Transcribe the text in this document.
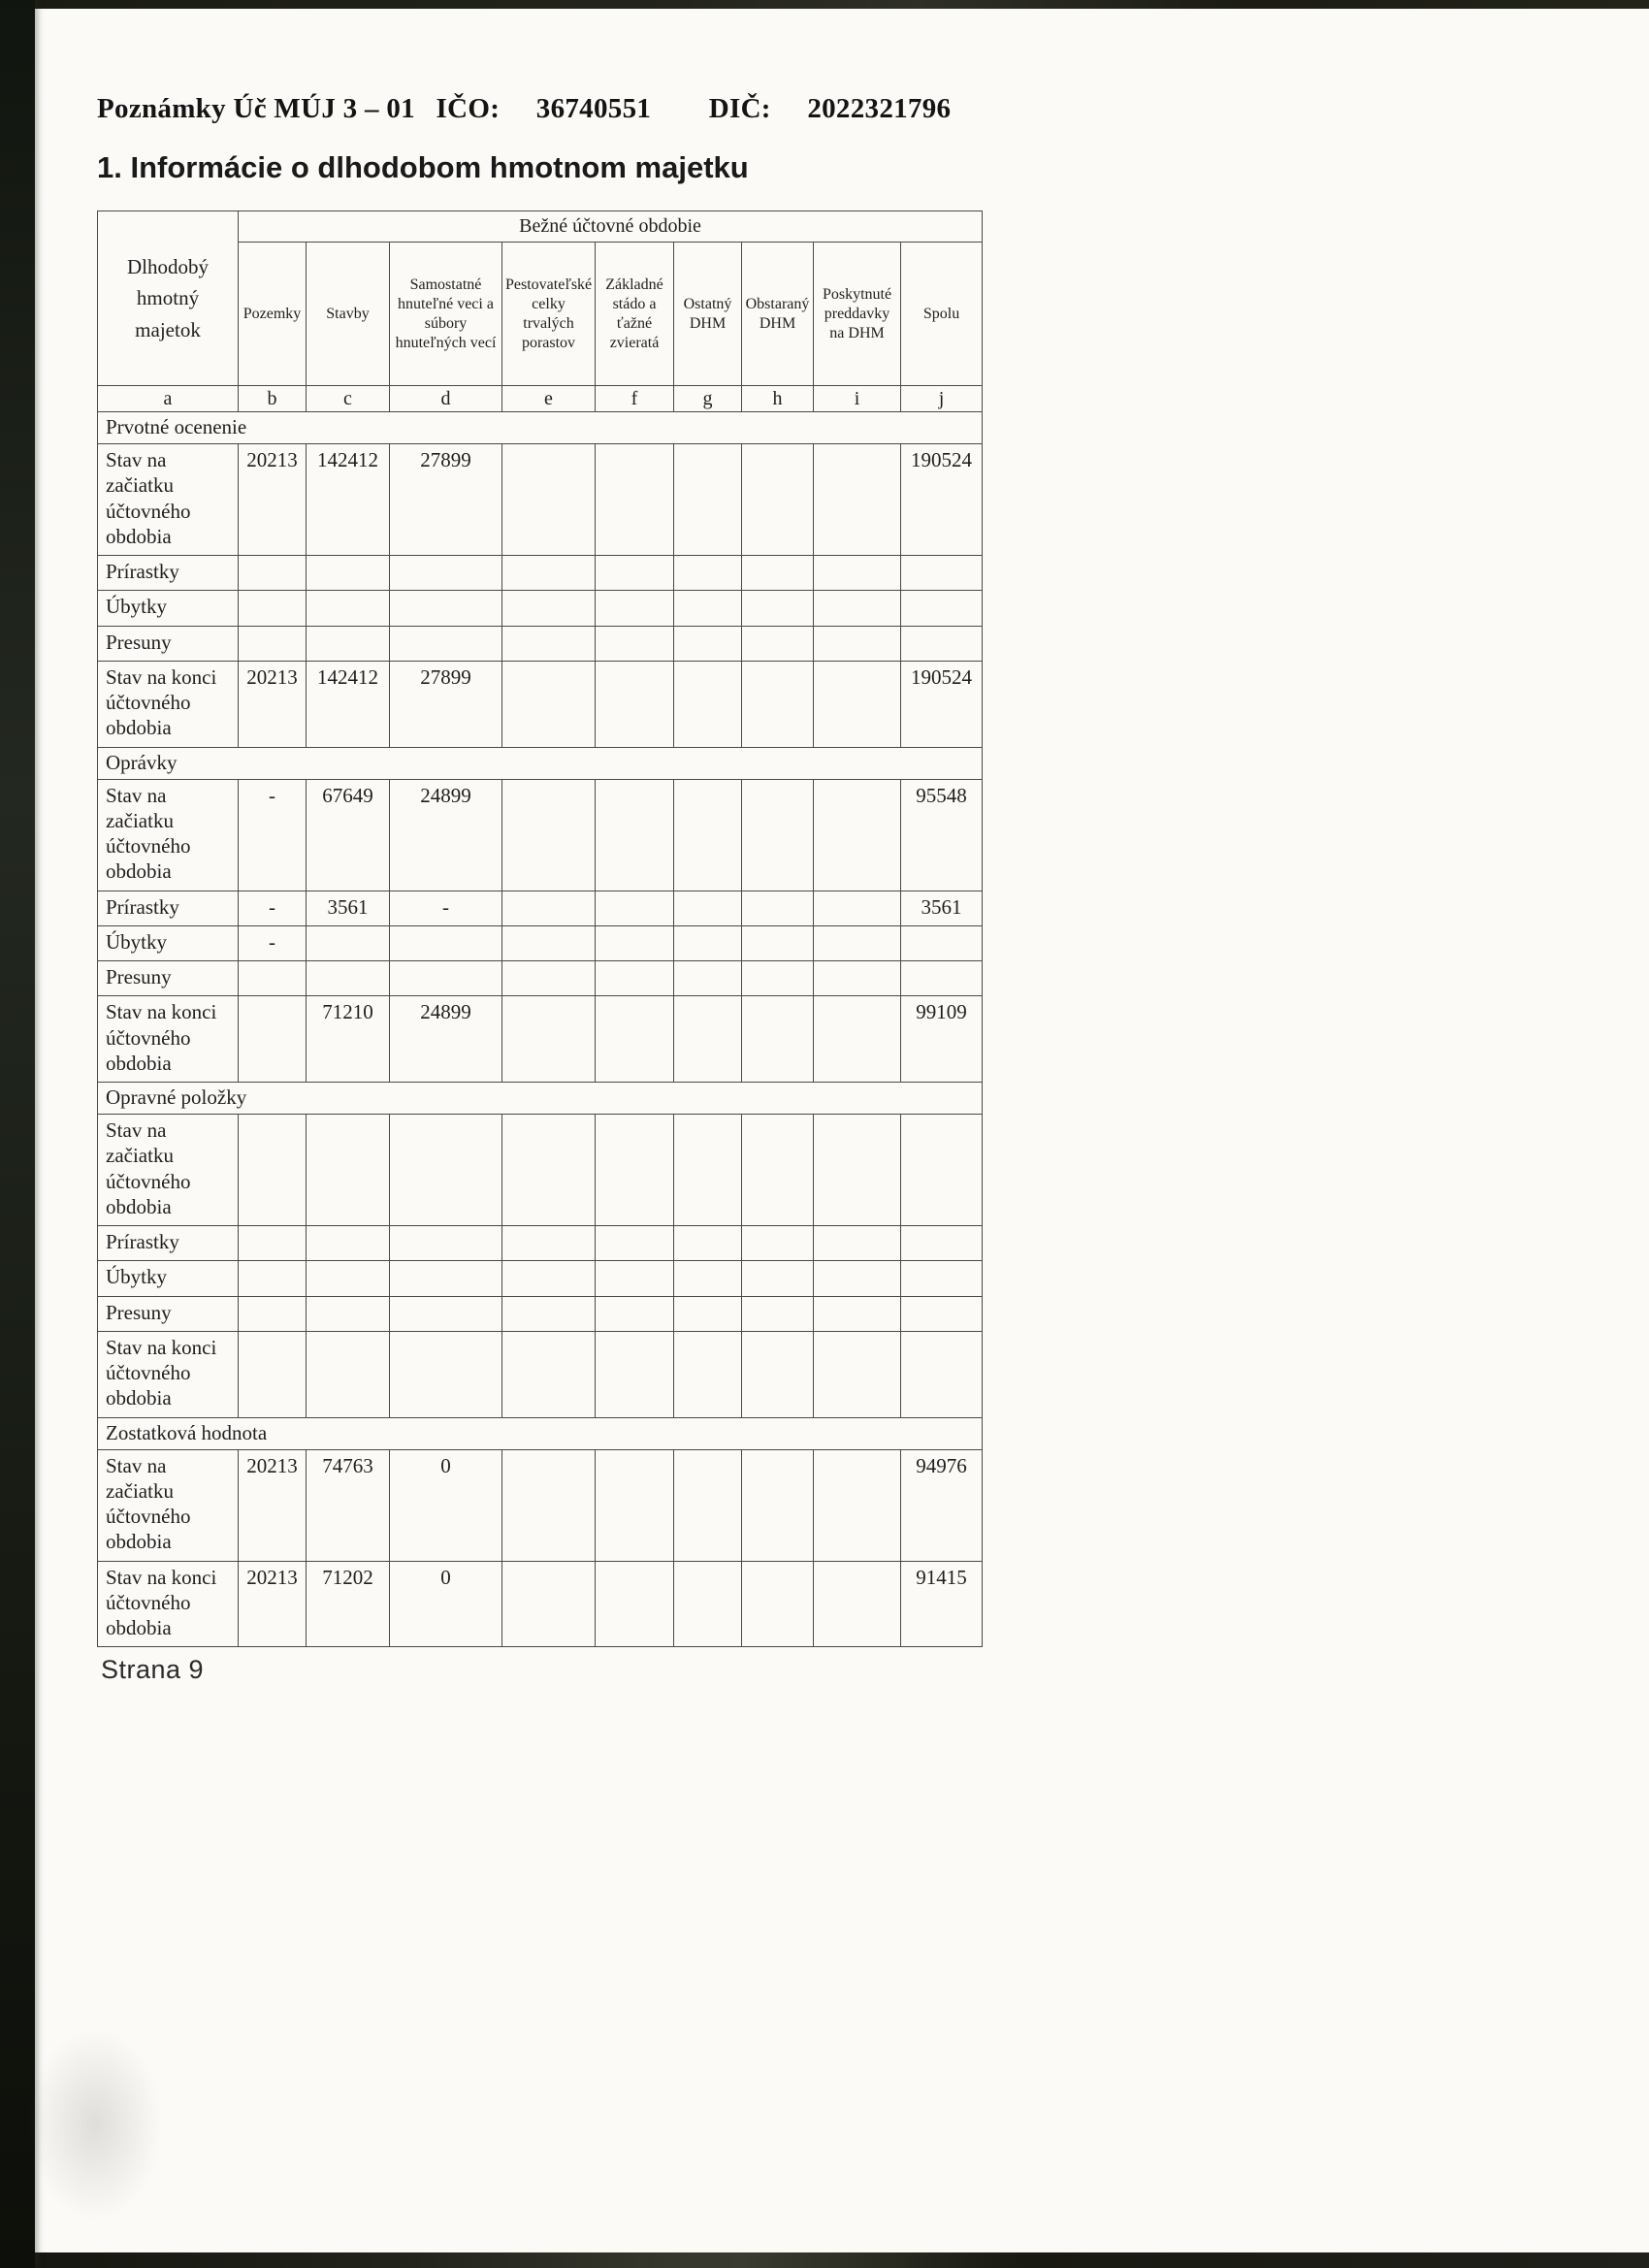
Poznámky Úč MÚJ 3 – 01 IČO: 36740551 DIČ: 2022321796
1. Informácie o dlhodobom hmotnom majetku
Dlhodobý hmotný majetok	Bežné účtovné obdobie								
	Pozemky	Stavby	Samostatné hnuteľné veci a súbory hnuteľných vecí	Pestovateľské celky trvalých porastov	Základné stádo a ťažné zvieratá	Ostatný DHM	Obstaraný DHM	Poskytnuté preddavky na DHM	Spolu
a	b	c	d	e	f	g	h	i	j
Prvotné ocenenie									
Stav na začiatku účtovného obdobia	20213	142412	27899						190524
Prírastky									
Úbytky									
Presuny									
Stav na konci účtovného obdobia	20213	142412	27899						190524
Oprávky									
Stav na začiatku účtovného obdobia	-	67649	24899						95548
Prírastky	-	3561	-						3561
Úbytky	-								
Presuny									
Stav na konci účtovného obdobia		71210	24899						99109
Opravné položky									
Stav na začiatku účtovného obdobia									
Prírastky									
Úbytky									
Presuny									
Stav na konci účtovného obdobia									
Zostatková hodnota									
Stav na začiatku účtovného obdobia	20213	74763	0						94976
Stav na konci účtovného obdobia	20213	71202	0						91415
Strana 9
